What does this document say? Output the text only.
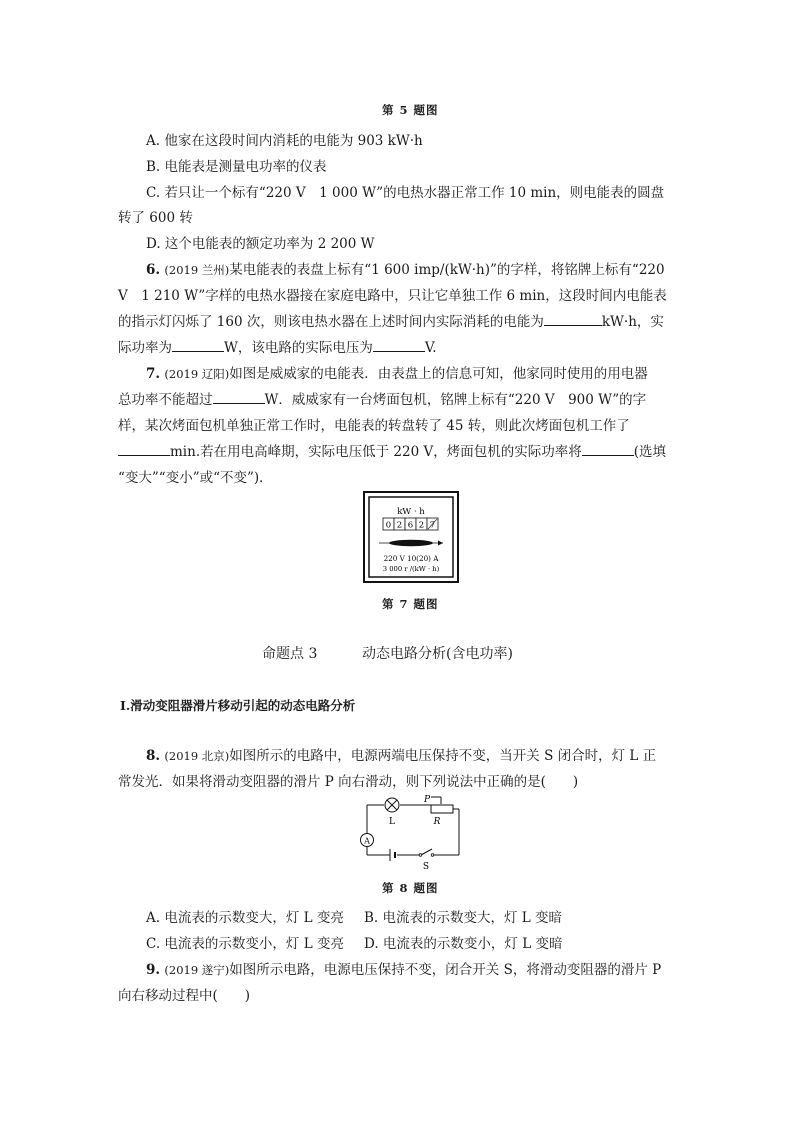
第 5 题图
A. 他家在这段时间内消耗的电能为 903 kW·h
B. 电能表是测量电功率的仪表
C. 若只让一个标有“220 V　1 000 W”的电热水器正常工作 10 min，则电能表的圆盘
转了 600 转
D. 这个电能表的额定功率为 2 200 W
6. (2019 兰州)某电能表的表盘上标有“1 600 imp/(kW·h)”的字样，将铭牌上标有“220
V　1 210 W”字样的电热水器接在家庭电路中，只让它单独工作 6 min，这段时间内电能表
的指示灯闪烁了 160 次，则该电热水器在上述时间内实际消耗的电能为	kW·h，实
际功率为	W，该电路的实际电压为	V.
7. (2019 辽阳)如图是威威家的电能表．由表盘上的信息可知，他家同时使用的用电器
总功率不能超过	W．威威家有一台烤面包机，铭牌上标有“220 V　900 W”的字
样，某次烤面包机单独正常工作时，电能表的转盘转了 45 转，则此次烤面包机工作了
min.若在用电高峰期，实际电压低于 220 V，烤面包机的实际功率将	(选填
“变大”“变小”或“不变”)．
kW · h
0 2 6 2 7
220 V 10(20) A
3 000 r /(kW · h)
第 7 题图
命题点 3	动态电路分析(含电功率)
Ⅰ.滑动变阻器滑片移动引起的动态电路分析
8. (2019 北京)如图所示的电路中，电源两端电压保持不变，当开关 S 闭合时，灯 L 正
常发光．如果将滑动变阻器的滑片 P 向右滑动，则下列说法中正确的是(　　)
A
P
R
L
S
第 8 题图
A. 电流表的示数变大，灯 L 变亮 B. 电流表的示数变大，灯 L 变暗
C. 电流表的示数变小，灯 L 变亮 D. 电流表的示数变小，灯 L 变暗
9. (2019 遂宁)如图所示电路，电源电压保持不变，闭合开关 S，将滑动变阻器的滑片 P
向右移动过程中(　　)
